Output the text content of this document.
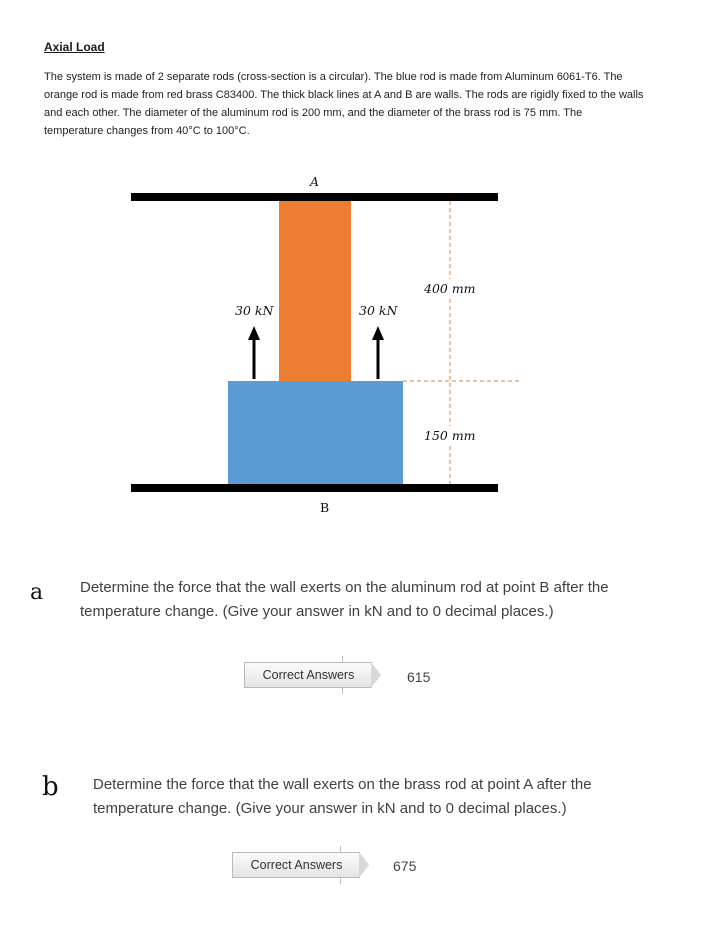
Axial Load
The system is made of 2 separate rods (cross-section is a circular). The blue rod is made from Aluminum 6061-T6. The orange rod is made from red brass C83400. The thick black lines at A and B are walls. The rods are rigidly fixed to the walls and each other. The diameter of the aluminum rod is 200 mm, and the diameter of the brass rod is 75 mm. The temperature changes from 40°C to 100°C.
A
B
30 kN	30 kN
400 mm
150 mm
a Determine the force that the wall exerts on the aluminum rod at point B after the temperature change. (Give your answer in kN and to 0 decimal places.)
Correct Answers	615
b Determine the force that the wall exerts on the brass rod at point A after the temperature change. (Give your answer in kN and to 0 decimal places.)
Correct Answers	675
